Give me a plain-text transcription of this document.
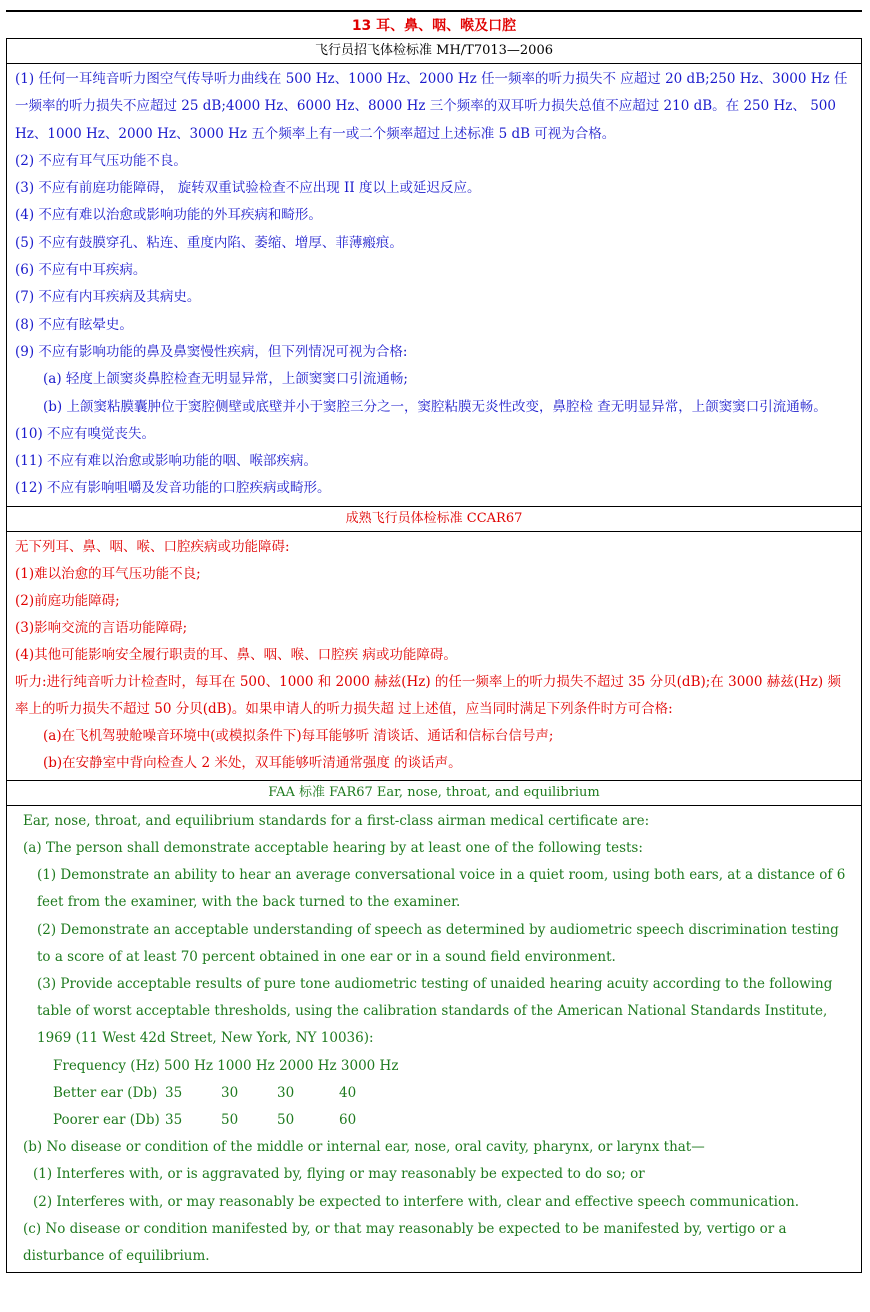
13 耳、鼻、咽、喉及口腔
飞行员招飞体检标准 MH/T7013—2006

(1) 任何一耳纯音听力图空气传导听力曲线在 500 Hz、1000 Hz、2000 Hz 任一频率的听力损失不 应超过 20 dB;250 Hz、3000 Hz 任一频率的听力损失不应超过 25 dB;4000 Hz、6000 Hz、8000 Hz 三个频率的双耳听力损失总值不应超过 210 dB。在 250 Hz、 500 Hz、1000 Hz、2000 Hz、3000 Hz 五个频率上有一或二个频率超过上述标准 5 dB 可视为合格。

(2) 不应有耳气压功能不良。

(3) 不应有前庭功能障碍， 旋转双重试验检查不应出现 II 度以上或延迟反应。

(4) 不应有难以治愈或影响功能的外耳疾病和畸形。

(5) 不应有鼓膜穿孔、粘连、重度内陷、萎缩、增厚、菲薄瘢痕。

(6) 不应有中耳疾病。

(7) 不应有内耳疾病及其病史。

(8) 不应有眩晕史。

(9) 不应有影响功能的鼻及鼻窦慢性疾病，但下列情况可视为合格:

(a) 轻度上颌窦炎鼻腔检查无明显异常，上颌窦窦口引流通畅;

(b) 上颌窦粘膜囊肿位于窦腔侧壁或底壁并小于窦腔三分之一，窦腔粘膜无炎性改变，鼻腔检 查无明显异常，上颌窦窦口引流通畅。

(10) 不应有嗅觉丧失。

(11) 不应有难以治愈或影响功能的咽、喉部疾病。

(12) 不应有影响咀嚼及发音功能的口腔疾病或畸形。

成熟飞行员体检标准 CCAR67

无下列耳、鼻、咽、喉、口腔疾病或功能障碍:

(1)难以治愈的耳气压功能不良;

(2)前庭功能障碍;

(3)影响交流的言语功能障碍;

(4)其他可能影响安全履行职责的耳、鼻、咽、喉、口腔疾 病或功能障碍。

听力:进行纯音听力计检查时，每耳在 500、1000 和 2000 赫兹(Hz) 的任一频率上的听力损失不超过 35 分贝(dB);在 3000 赫兹(Hz) 频率上的听力损失不超过 50 分贝(dB)。如果申请人的听力损失超 过上述值，应当同时满足下列条件时方可合格:

(a)在飞机驾驶舱噪音环境中(或模拟条件下)每耳能够听 清谈话、通话和信标台信号声;

(b)在安静室中背向检查人 2 米处，双耳能够听清通常强度 的谈话声。

FAA 标准 FAR67 Ear, nose, throat, and equilibrium

Ear, nose, throat, and equilibrium standards for a first-class airman medical certificate are:

(a) The person shall demonstrate acceptable hearing by at least one of the following tests:

(1) Demonstrate an ability to hear an average conversational voice in a quiet room, using both ears, at a distance of 6 feet from the examiner, with the back turned to the examiner.

(2) Demonstrate an acceptable understanding of speech as determined by audiometric speech discrimination testing to a score of at least 70 percent obtained in one ear or in a sound field environment.

(3) Provide acceptable results of pure tone audiometric testing of unaided hearing acuity according to the following table of worst acceptable thresholds, using the calibration standards of the American National Standards Institute, 1969 (11 West 42d Street, New York, NY 10036):

Frequency (Hz) 500 Hz 1000 Hz 2000 Hz 3000 Hz

Better ear (Db) 35	30	30	40
Poorer ear (Db) 35	50	50	60

(b) No disease or condition of the middle or internal ear, nose, oral cavity, pharynx, or larynx that—

(1) Interferes with, or is aggravated by, flying or may reasonably be expected to do so; or

(2) Interferes with, or may reasonably be expected to interfere with, clear and effective speech communication.

(c) No disease or condition manifested by, or that may reasonably be expected to be manifested by, vertigo or a disturbance of equilibrium.
